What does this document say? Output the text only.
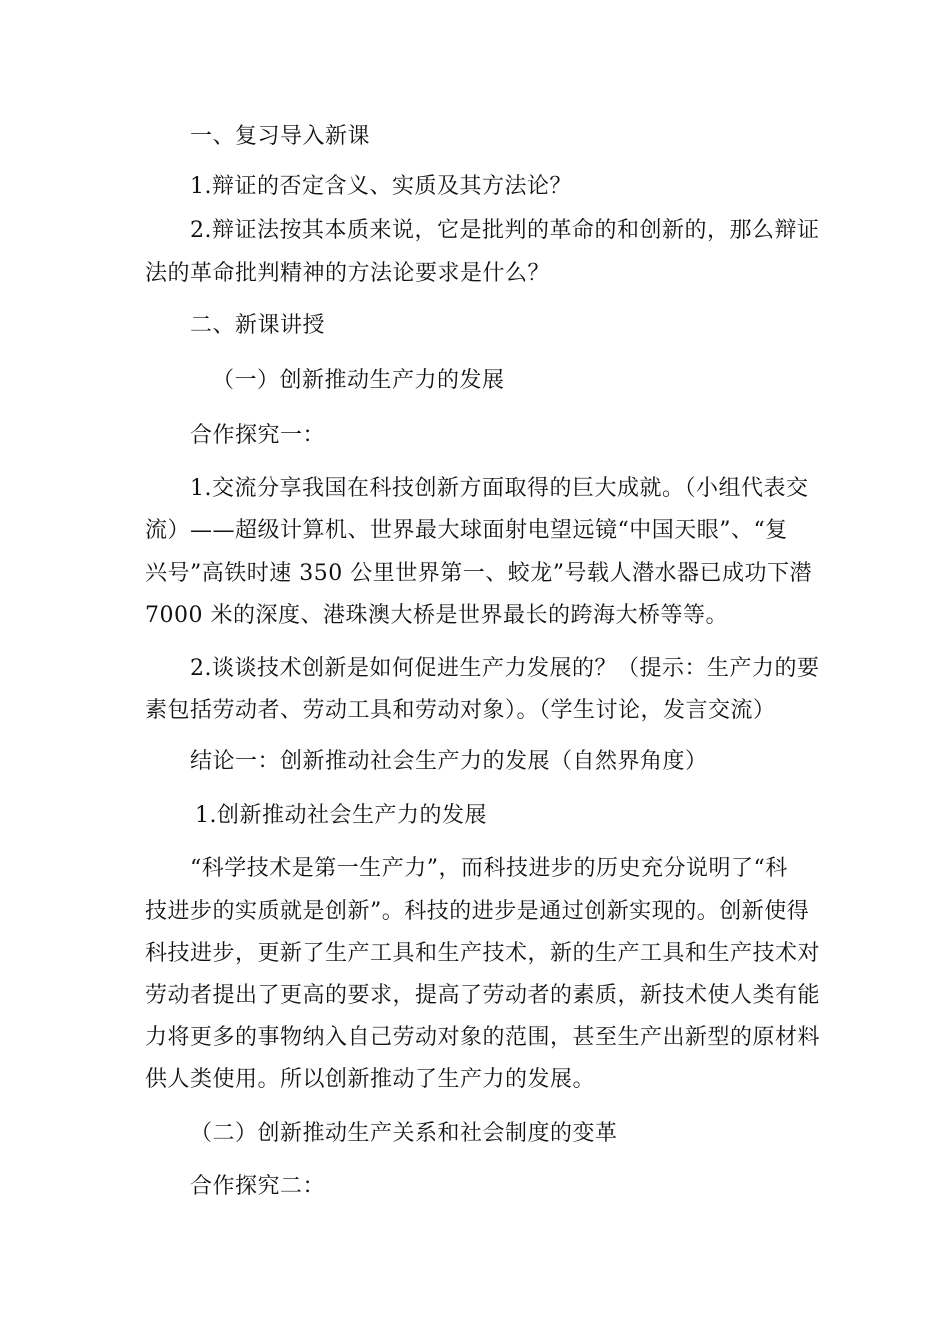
一、复习导入新课
1.辩证的否定含义、实质及其方法论？
2.辩证法按其本质来说，它是批判的革命的和创新的，那么辩证
法的革命批判精神的方法论要求是什么？
二、新课讲授
（一）创新推动生产力的发展
合作探究一：
1.交流分享我国在科技创新方面取得的巨大成就。（小组代表交
流）——超级计算机、世界最大球面射电望远镜“中国天眼”、“复
兴号”高铁时速 350 公里世界第一、蛟龙”号载人潜水器已成功下潜
7000 米的深度、港珠澳大桥是世界最长的跨海大桥等等。
2.谈谈技术创新是如何促进生产力发展的？（提示：生产力的要
素包括劳动者、劳动工具和劳动对象）。（学生讨论，发言交流）
结论一：创新推动社会生产力的发展（自然界角度）
1.创新推动社会生产力的发展
“科学技术是第一生产力”，而科技进步的历史充分说明了“科
技进步的实质就是创新”。科技的进步是通过创新实现的。创新使得
科技进步，更新了生产工具和生产技术，新的生产工具和生产技术对
劳动者提出了更高的要求，提高了劳动者的素质，新技术使人类有能
力将更多的事物纳入自己劳动对象的范围，甚至生产出新型的原材料
供人类使用。所以创新推动了生产力的发展。
（二）创新推动生产关系和社会制度的变革
合作探究二：
